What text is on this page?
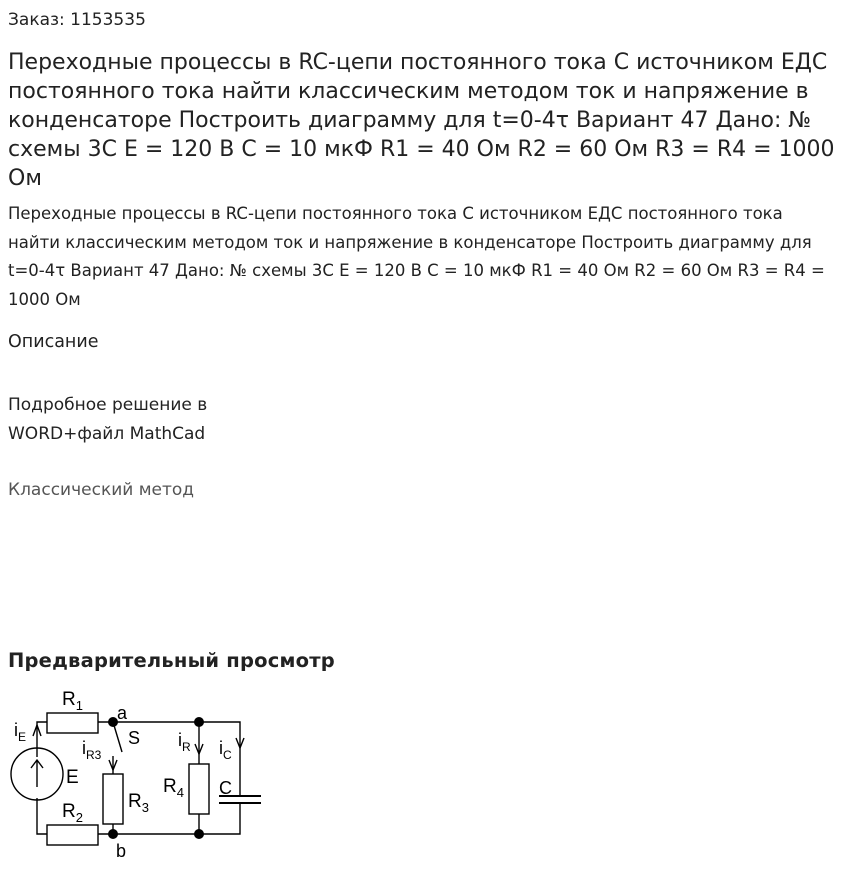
Заказ: 1153535
Переходные процессы в RC-цепи постоянного тока С источником ЕДС постоянного тока найти классическим методом ток и напряжение в конденсаторе Построить диаграмму для t=0-4τ Вариант 47 Дано: № схемы 3С E = 120 В C = 10 мкФ R1 = 40 Ом R2 = 60 Ом R3 = R4 = 1000 Ом
Переходные процессы в RC-цепи постоянного тока С источником ЕДС постоянного тока найти классическим методом ток и напряжение в конденсаторе Построить диаграмму для t=0-4τ Вариант 47 Дано: № схемы 3С E = 120 В C = 10 мкФ R1 = 40 Ом R2 = 60 Ом R3 = R4 = 1000 Ом
Описание
Подробное решение в WORD+файл MathCad
Классический метод
Предварительный просмотр
$R_1$
$R_2$
$R_3$
$R_4$
a
b
S
E	C
$i_E$
$i_{R3}$
$i_R$ $i_C$
